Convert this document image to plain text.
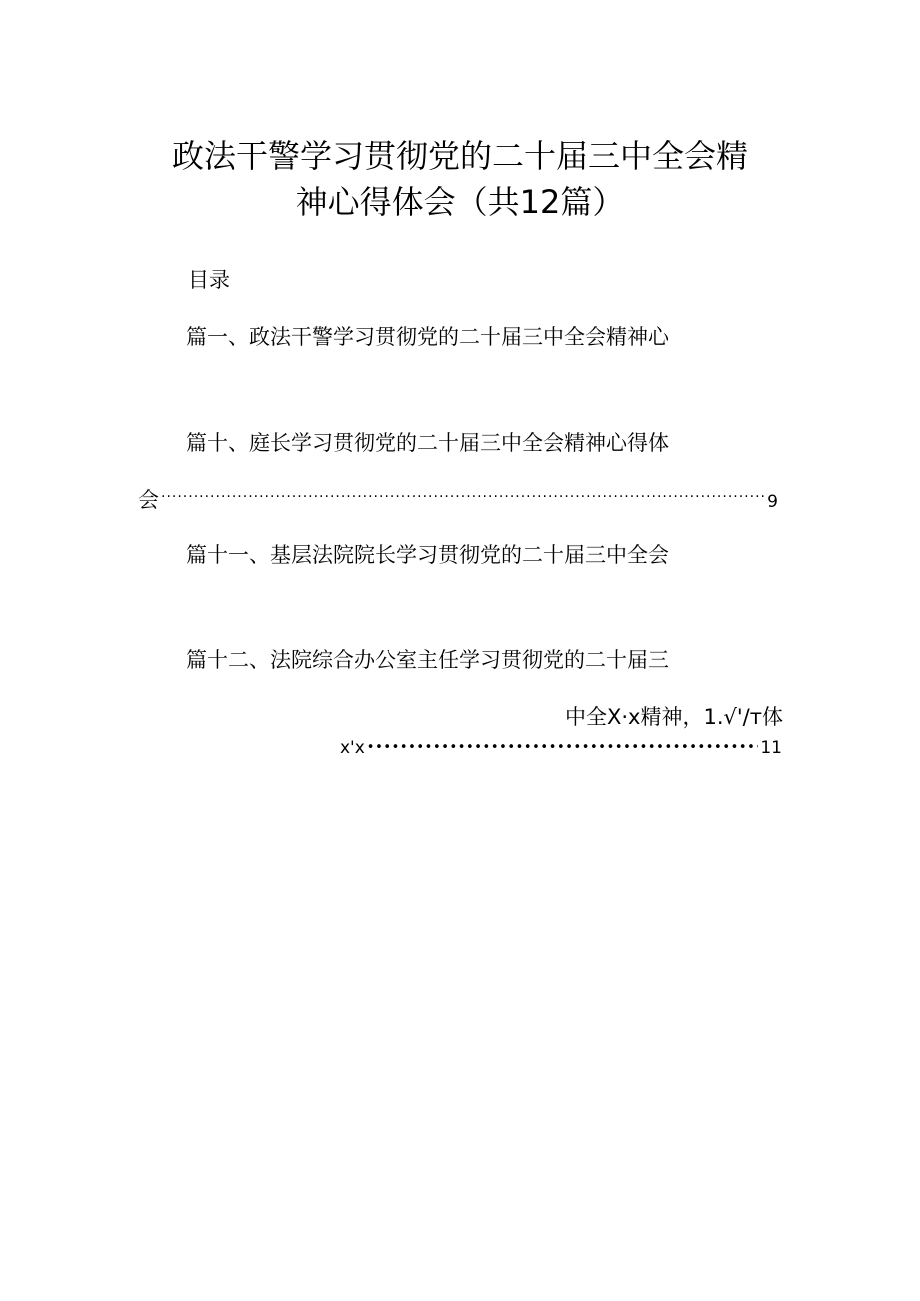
政法干警学习贯彻党的二十届三中全会精
神心得体会（共12篇）
目录
篇一、政法干警学习贯彻党的二十届三中全会精神心
篇十、庭长学习贯彻党的二十届三中全会精神心得体
会 .....	9
篇十一、基层法院院长学习贯彻党的二十届三中全会
篇十二、法院综合办公室主任学习贯彻党的二十届三
中全X·x精神，1.√'/т体
x'x •••••	11
